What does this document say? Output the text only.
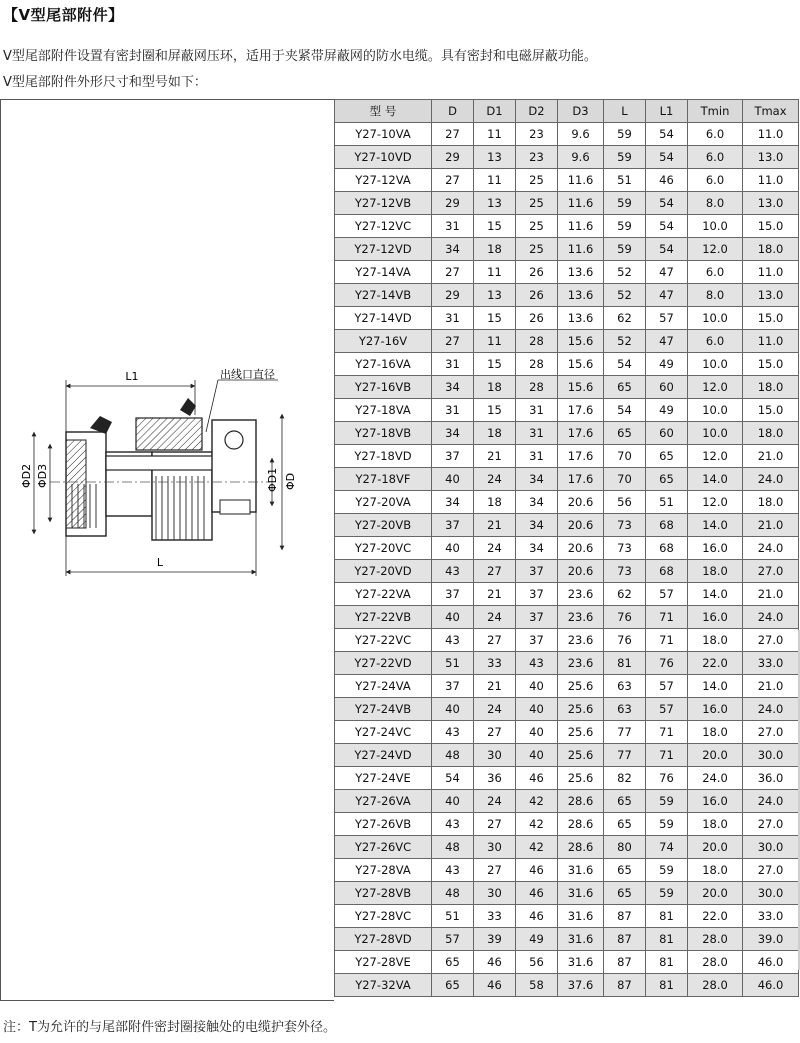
【V型尾部附件】
V型尾部附件设置有密封圈和屏蔽网压环，适用于夹紧带屏蔽网的防水电缆。具有密封和电磁屏蔽功能。
V型尾部附件外形尺寸和型号如下：
L1	出线口直径
L
ΦD2 ΦD3	ΦD1 ΦD
型 号	D	D1	D2	D3	L	L1	Tmin	Tmax
Y27-10VA	27	11	23	9.6	59	54	6.0	11.0
Y27-10VD	29	13	23	9.6	59	54	6.0	13.0
Y27-12VA	27	11	25	11.6	51	46	6.0	11.0
Y27-12VB	29	13	25	11.6	59	54	8.0	13.0
Y27-12VC	31	15	25	11.6	59	54	10.0	15.0
Y27-12VD	34	18	25	11.6	59	54	12.0	18.0
Y27-14VA	27	11	26	13.6	52	47	6.0	11.0
Y27-14VB	29	13	26	13.6	52	47	8.0	13.0
Y27-14VD	31	15	26	13.6	62	57	10.0	15.0
Y27-16V	27	11	28	15.6	52	47	6.0	11.0
Y27-16VA	31	15	28	15.6	54	49	10.0	15.0
Y27-16VB	34	18	28	15.6	65	60	12.0	18.0
Y27-18VA	31	15	31	17.6	54	49	10.0	15.0
Y27-18VB	34	18	31	17.6	65	60	10.0	18.0
Y27-18VD	37	21	31	17.6	70	65	12.0	21.0
Y27-18VF	40	24	34	17.6	70	65	14.0	24.0
Y27-20VA	34	18	34	20.6	56	51	12.0	18.0
Y27-20VB	37	21	34	20.6	73	68	14.0	21.0
Y27-20VC	40	24	34	20.6	73	68	16.0	24.0
Y27-20VD	43	27	37	20.6	73	68	18.0	27.0
Y27-22VA	37	21	37	23.6	62	57	14.0	21.0
Y27-22VB	40	24	37	23.6	76	71	16.0	24.0
Y27-22VC	43	27	37	23.6	76	71	18.0	27.0
Y27-22VD	51	33	43	23.6	81	76	22.0	33.0
Y27-24VA	37	21	40	25.6	63	57	14.0	21.0
Y27-24VB	40	24	40	25.6	63	57	16.0	24.0
Y27-24VC	43	27	40	25.6	77	71	18.0	27.0
Y27-24VD	48	30	40	25.6	77	71	20.0	30.0
Y27-24VE	54	36	46	25.6	82	76	24.0	36.0
Y27-26VA	40	24	42	28.6	65	59	16.0	24.0
Y27-26VB	43	27	42	28.6	65	59	18.0	27.0
Y27-26VC	48	30	42	28.6	80	74	20.0	30.0
Y27-28VA	43	27	46	31.6	65	59	18.0	27.0
Y27-28VB	48	30	46	31.6	65	59	20.0	30.0
Y27-28VC	51	33	46	31.6	87	81	22.0	33.0
Y27-28VD	57	39	49	31.6	87	81	28.0	39.0
Y27-28VE	65	46	56	31.6	87	81	28.0	46.0
Y27-32VA	65	46	58	37.6	87	81	28.0	46.0
注：T为允许的与尾部附件密封圈接触处的电缆护套外径。
